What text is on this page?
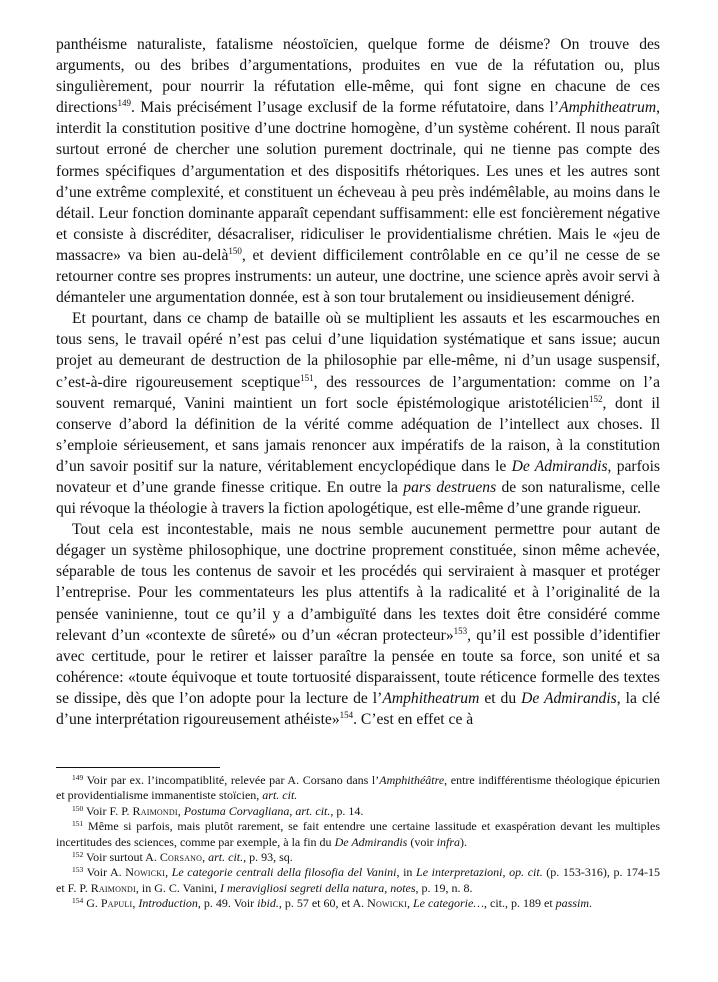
panthéisme naturaliste, fatalisme néostoïcien, quelque forme de déisme? On trouve des arguments, ou des bribes d’argumentations, produites en vue de la réfutation ou, plus singulièrement, pour nourrir la réfutation elle-même, qui font signe en chacune de ces directions$^{149}$. Mais précisément l’usage exclusif de la forme réfutatoire, dans l’Amphitheatrum, interdit la constitution positive d’une doctrine homogène, d’un système cohérent. Il nous paraît surtout erroné de chercher une solution purement doctrinale, qui ne tienne pas compte des formes spécifiques d’argumentation et des dispositifs rhétoriques. Les unes et les autres sont d’une extrême complexité, et constituent un écheveau à peu près indémêlable, au moins dans le détail. Leur fonction dominante apparaît cependant suffisamment: elle est foncièrement négative et consiste à discréditer, désacraliser, ridiculiser le providentialisme chrétien. Mais le «jeu de massacre» va bien au-delà$^{150}$, et devient difficilement contrôlable en ce qu’il ne cesse de se retourner contre ses propres instruments: un auteur, une doctrine, une science après avoir servi à démanteler une argumentation donnée, est à son tour brutalement ou insidieusement dénigré.

Et pourtant, dans ce champ de bataille où se multiplient les assauts et les escarmouches en tous sens, le travail opéré n’est pas celui d’une liquidation systématique et sans issue; aucun projet au demeurant de destruction de la philosophie par elle-même, ni d’un usage suspensif, c’est-à-dire rigoureusement sceptique$^{151}$, des ressources de l’argumentation: comme on l’a souvent remarqué, Vanini maintient un fort socle épistémologique aristotélicien$^{152}$, dont il conserve d’abord la définition de la vérité comme adéquation de l’intellect aux choses. Il s’emploie sérieusement, et sans jamais renoncer aux impératifs de la raison, à la constitution d’un savoir positif sur la nature, véritablement encyclopédique dans le De Admirandis, parfois novateur et d’une grande finesse critique. En outre la pars destruens de son naturalisme, celle qui révoque la théologie à travers la fiction apologétique, est elle-même d’une grande rigueur.

Tout cela est incontestable, mais ne nous semble aucunement permettre pour autant de dégager un système philosophique, une doctrine proprement constituée, sinon même achevée, séparable de tous les contenus de savoir et les procédés qui serviraient à masquer et protéger l’entreprise. Pour les commentateurs les plus attentifs à la radicalité et à l’originalité de la pensée vaninienne, tout ce qu’il y a d’ambiguïté dans les textes doit être considéré comme relevant d’un «contexte de sûreté» ou d’un «écran protecteur»$^{153}$, qu’il est possible d’identifier avec certitude, pour le retirer et laisser paraître la pensée en toute sa force, son unité et sa cohérence: «toute équivoque et toute tortuosité disparaissent, toute réticence formelle des textes se dissipe, dès que l’on adopte pour la lecture de l’Amphitheatrum et du De Admirandis, la clé d’une interprétation rigoureusement athéiste»$^{154}$. C’est en effet ce à

$^{149}$ Voir par ex. l’incompatiblité, relevée par A. Corsano dans l’Amphithéâtre, entre indifférentisme théologique épicurien et providentialisme immanentiste stoïcien, art. cit.

$^{150}$ Voir F. P. Raimondi, Postuma Corvagliana, art. cit., p. 14.

$^{151}$ Même si parfois, mais plutôt rarement, se fait entendre une certaine lassitude et exaspération devant les multiples incertitudes des sciences, comme par exemple, à la fin du De Admirandis (voir infra).

$^{152}$ Voir surtout A. Corsano, art. cit., p. 93, sq.

$^{153}$ Voir A. Nowicki, Le categorie centrali della filosofia del Vanini, in Le interpretazioni, op. cit. (p. 153-316), p. 174-15 et F. P. Raimondi, in G. C. Vanini, I meravigliosi segreti della natura, notes, p. 19, n. 8.

$^{154}$ G. Papuli, Introduction, p. 49. Voir ibid., p. 57 et 60, et A. Nowicki, Le categorie…, cit., p. 189 et passim.
